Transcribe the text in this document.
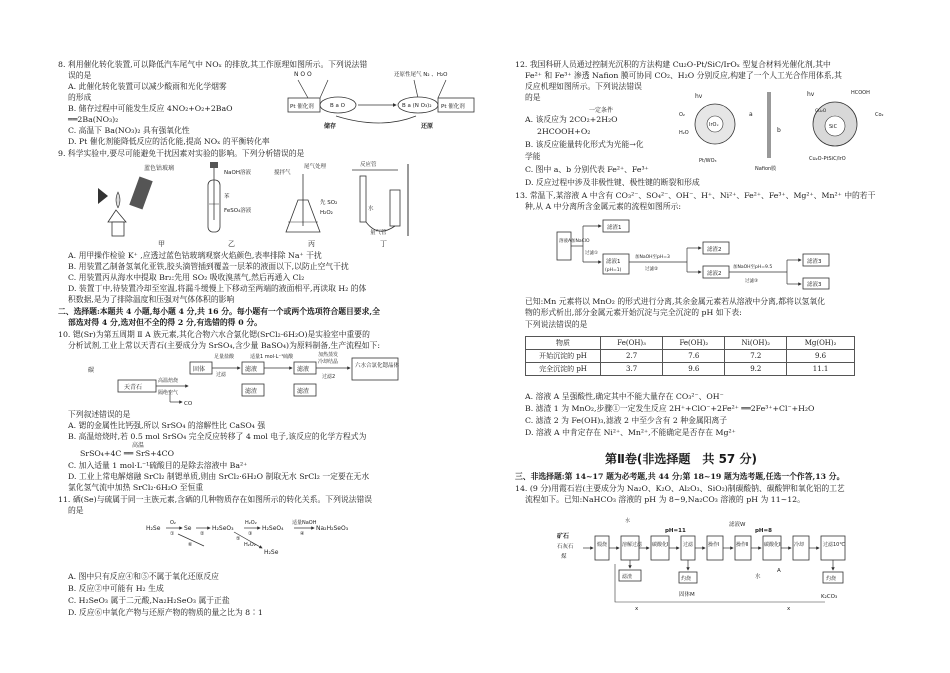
8. 利用催化转化装置,可以降低汽车尾气中 NOₓ 的排放,其工作原理如图所示。下列说法错
误的是
A. 此催化转化装置可以减少酸雨和光化学烟雾
的形成
B. 储存过程中可能发生反应 4NO₂+O₂+2BaO
══2Ba(NO₃)₂
C. 高温下 Ba(NO₃)₂ 具有强氧化性
D. Pt 催化剂能降低反应的活化能,提高 NOₓ 的平衡转化率
N O O
Pt 催化剂	B a O
还原性尾气 N₂ 、H₂O
B a (N O₃)₂ Pt 催化剂
储存	还原
9. 科学实验中,要尽可能避免干扰因素对实验的影响。下列分析错误的是
蓝色钴玻璃
甲
NaOH溶液
苯
FeSO₄溶液
乙
搅拌气
尾气处理
先 SO₂
H₂O₂
丙
反应管
水
量气管
丁
A. 用甲操作检验 K⁺ ,应透过蓝色钴玻璃观察火焰颜色,表率排除 Na⁺ 干扰
B. 用装置乙制备氢氧化亚铁,胶头滴管插到覆盖一层苯的液面以下,以防止空气干扰
C. 用装置丙从海水中提取 Br₂:先用 SO₂ 吸收溴蒸气,然后再通入 Cl₂
D. 装置丁中,待装置冷却至室温,将漏斗缓慢上下移动至两端的液面相平,再读取 H₂ 的体
积数据,是为了排除温度和压强对气体体积的影响
二、选择题:本题共 4 小题,每小题 4 分,共 16 分。每小题有一个或两个选项符合题目要求,全
部选对得 4 分,选对但不全的得 2 分,有选错的得 0 分。
10. 锶(Sr)为第五周期 Ⅱ A 族元素,其化合物六水合氯化锶(SrCl₂·6H₂O)是实验室中重要的
分析试剂,工业上常以天青石(主要成分为 SrSO₄,含少量 BaSO₄)为原料制备,生产流程如下:
碳
天青石
高温焙烧
隔绝空气
CO
固体
足量盐酸
过滤
滤液
适量1 mol·L⁻¹硫酸
滤液
加热蒸发
冷却结晶
过滤2
六水合氯化锶晶体
滤渣	滤渣
下列叙述错误的是
A. 锶的金属性比钙强,所以 SrSO₄ 的溶解性比 CaSO₄ 强
B. 高温焙烧时,若 0.5 mol SrSO₄ 完全反应转移了 4 mol 电子,该反应的化学方程式为
高温
SrSO₄+4C ══ SrS+4CO
C. 加入适量 1 mol·L⁻¹硫酸目的是除去溶液中 Ba²⁺
D. 工业上常电解熔融 SrCl₂ 制锶单质,则由 SrCl₂·6H₂O 制取无水 SrCl₂ 一定要在无水
氯化氢气流中加热 SrCl₂·6H₂O 至恒重
11. 硒(Se)与硫属于同一主族元素,含硒的几种物质存在如图所示的转化关系。下列说法错误
的是
H₂Se
O₂
①
Se
②
H₂SeO₃
H₂O₂
③
H₂SeO₄
适量NaOH
④
Na₂H₂SeO₃
H₂O₂
⑤
⑥
H₂Se
A. 图中只有反应④和⑤不属于氧化还原反应
B. 反应②中可能有 H₂ 生成
C. H₂SeO₃ 属于二元酸,Na₂H₂SeO₃ 属于正盐
D. 反应⑥中氧化产物与还原产物的物质的量之比为 8∶1
12. 我国科研人员通过控制光沉积的方法构建 Cu₂O-Pt/SiC/IrOₓ 型复合材料光催化剂,其中
Fe²⁺ 和 Fe³⁺ 渗透 Nafion 膜可协同 CO₂、H₂O 分别反应,构建了一个人工光合作用体系,其
反应机理如图所示。下列说法错误
的是
一定条件
A. 该反应为 2CO₂+2H₂O
2HCOOH+O₂
B. 该反应能量转化形式为光能→化
学能
C. 图中 a、b 分别代表 Fe²⁺、Fe³⁺
D. 反应过程中涉及非极性键、极性键的断裂和形成
IrOₓ
hv
H₂O
O₂
Pt/WO₃
Nafion膜
a
b	SiC
Cu₂O
hv	HCOOH
Co₂
Cu₂O-PtSiC/IrO
13. 常温下,某溶液 A 中含有 CO₃²⁻、SO₄²⁻、OH⁻、H⁺、Ni²⁺、Fe²⁺、Fe³⁺、Mg²⁺、Mn²⁺ 中的若干
种,从 A 中分离所含金属元素的流程如图所示:
溶液A 加NaClO
过滤①
滤渣1
滤液1
(pH=1)
加NaOH至pH=3
过滤②
滤渣2
滤液2
加NaOH至pH=9.5
过滤③
滤渣3
滤液3
已知:Mn 元素将以 MnO₂ 的形式进行分离,其余金属元素若从溶液中分离,都将以氢氧化
物的形式析出,部分金属元素开始沉淀与完全沉淀的 pH 如下表:
下列说法错误的是
物质	Fe(OH)₃	Fe(OH)₂	Ni(OH)₂	Mg(OH)₂
开始沉淀的 pH	2.7	7.6	7.2	9.6
完全沉淀的 pH	3.7	9.6	9.2	11.1
A. 溶液 A 呈强酸性,确定其中不能大量存在 CO₃²⁻、OH⁻
B. 滤渣 1 为 MnO₂,步骤①一定发生反应 2H⁺+ClO⁻+2Fe²⁺ ══2Fe³⁺+Cl⁻+H₂O
C. 滤渣 2 为 Fe(OH)₃,滤液 2 中至少含有 2 种金属阳离子
D. 溶液 A 中肯定存在 Ni²⁺、Mn²⁺,不能确定是否存在 Mg²⁺
第Ⅱ卷(非选择题　共 57 分)
三、非选择题:第 14~17 题为必考题,共 44 分;第 18~19 题为选考题,任选一个作答,13 分。
14. (9 分)用霞石岩(主要成分为 Na₂O、K₂O、Al₂O₃、SiO₂)制碳酸钠、碳酸钾和氧化铝的工艺
流程如下。已知:NaHCO₃ 溶液的 pH 为 8~9,Na₂CO₃ 溶液的 pH 为 11~12。
矿石
石灰石
煤
煅烧
水
溶解过滤
滤渣
碳酸化Ⅰ
pH=11
过滤
灼烧
固体M
操作Ⅰ
滤液W
操作Ⅱ
pH=8
碳酸化Ⅱ	冷却	过滤10℃
灼烧
K₂CO₃
水
A
x	x
